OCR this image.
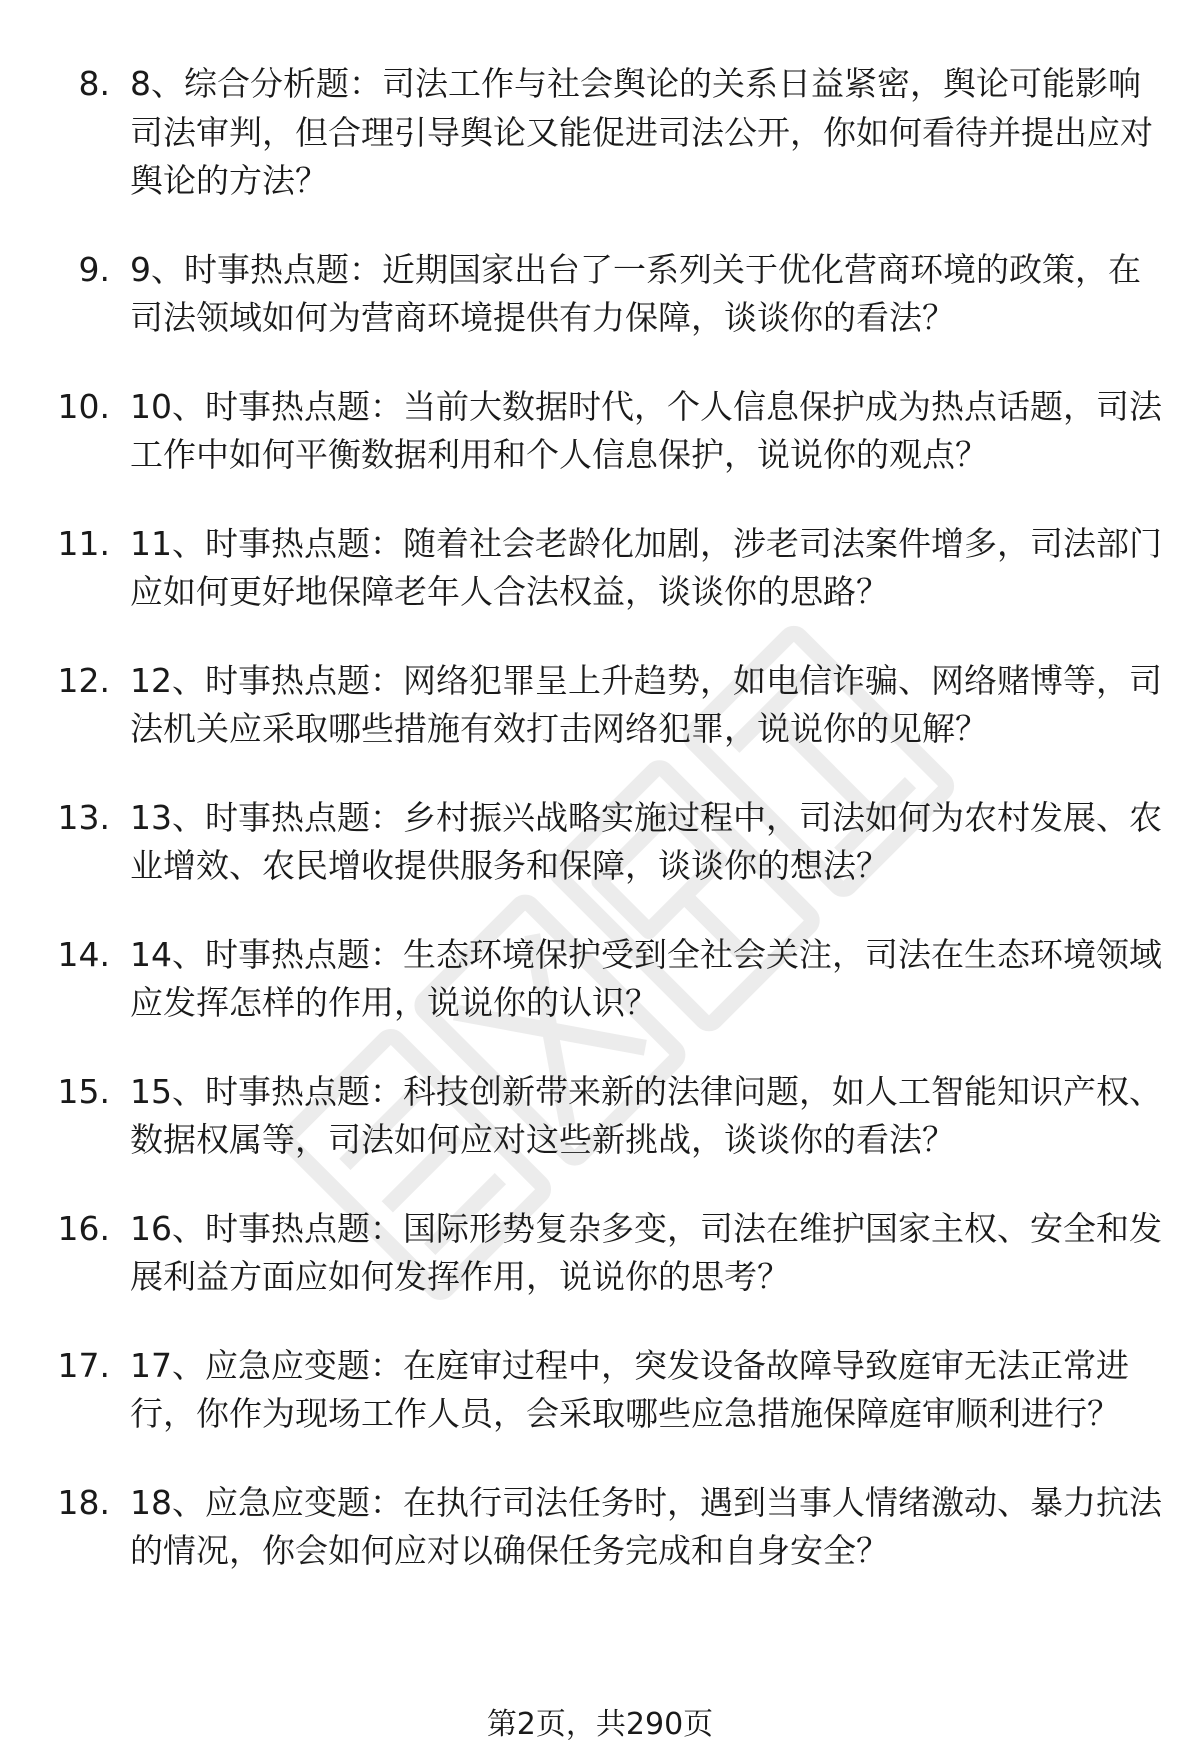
8. 8、综合分析题：司法工作与社会舆论的关系日益紧密，舆论可能影响司法审判，但合理引导舆论又能促进司法公开，你如何看待并提出应对舆论的方法？
9. 9、时事热点题：近期国家出台了一系列关于优化营商环境的政策，在司法领域如何为营商环境提供有力保障，谈谈你的看法？
10. 10、时事热点题：当前大数据时代，个人信息保护成为热点话题，司法工作中如何平衡数据利用和个人信息保护，说说你的观点？
11. 11、时事热点题：随着社会老龄化加剧，涉老司法案件增多，司法部门应如何更好地保障老年人合法权益，谈谈你的思路？
12. 12、时事热点题：网络犯罪呈上升趋势，如电信诈骗、网络赌博等，司法机关应采取哪些措施有效打击网络犯罪，说说你的见解？
13. 13、时事热点题：乡村振兴战略实施过程中，司法如何为农村发展、农业增效、农民增收提供服务和保障，谈谈你的想法？
14. 14、时事热点题：生态环境保护受到全社会关注，司法在生态环境领域应发挥怎样的作用，说说你的认识？
15. 15、时事热点题：科技创新带来新的法律问题，如人工智能知识产权、数据权属等，司法如何应对这些新挑战，谈谈你的看法？
16. 16、时事热点题：国际形势复杂多变，司法在维护国家主权、安全和发展利益方面应如何发挥作用，说说你的思考？
17. 17、应急应变题：在庭审过程中，突发设备故障导致庭审无法正常进行，你作为现场工作人员，会采取哪些应急措施保障庭审顺利进行？
18. 18、应急应变题：在执行司法任务时，遇到当事人情绪激动、暴力抗法的情况，你会如何应对以确保任务完成和自身安全？
第2页，共290页
